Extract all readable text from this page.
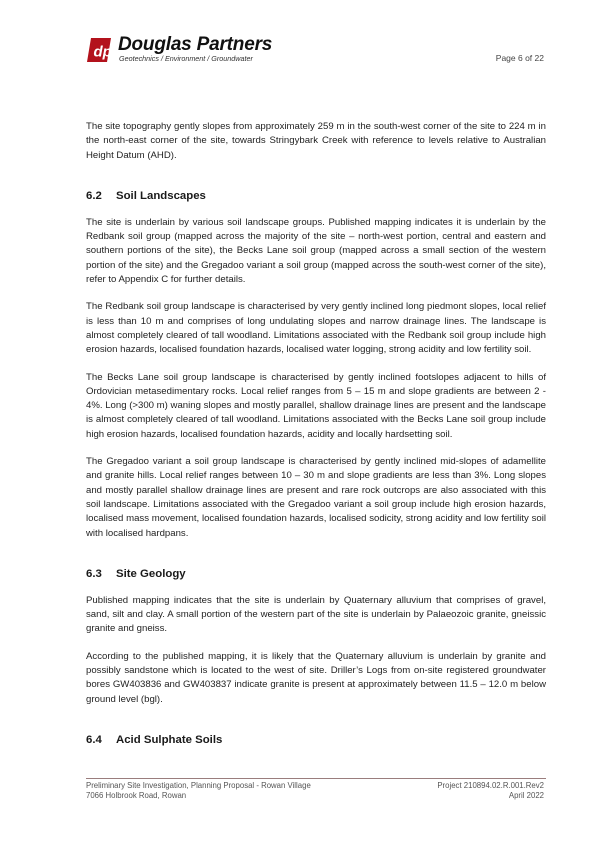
dp Douglas Partners
Geotechnics / Environment / Groundwater	Page 6 of 22

The site topography gently slopes from approximately 259 m in the south-west corner of the site to 224 m in the north-east corner of the site, towards Stringybark Creek with reference to levels relative to Australian Height Datum (AHD).

6.2 Soil Landscapes

The site is underlain by various soil landscape groups. Published mapping indicates it is underlain by the Redbank soil group (mapped across the majority of the site – north-west portion, central and eastern and southern portions of the site), the Becks Lane soil group (mapped across a small section of the western portion of the site) and the Gregadoo variant a soil group (mapped across the south-west corner of the site), refer to Appendix C for further details.

The Redbank soil group landscape is characterised by very gently inclined long piedmont slopes, local relief is less than 10 m and comprises of long undulating slopes and narrow drainage lines. The landscape is almost completely cleared of tall woodland. Limitations associated with the Redbank soil group include high erosion hazards, localised foundation hazards, localised water logging, strong acidity and low fertility soil.

The Becks Lane soil group landscape is characterised by gently inclined footslopes adjacent to hills of Ordovician metasedimentary rocks. Local relief ranges from 5 – 15 m and slope gradients are between 2 - 4%. Long (>300 m) waning slopes and mostly parallel, shallow drainage lines are present and the landscape is almost completely cleared of tall woodland. Limitations associated with the Becks Lane soil group include high erosion hazards, localised foundation hazards, acidity and locally hardsetting soil.

The Gregadoo variant a soil group landscape is characterised by gently inclined mid-slopes of adamellite and granite hills. Local relief ranges between 10 – 30 m and slope gradients are less than 3%. Long slopes and mostly parallel shallow drainage lines are present and rare rock outcrops are also associated with this soil landscape. Limitations associated with the Gregadoo variant a soil group include high erosion hazards, localised mass movement, localised foundation hazards, localised sodicity, strong acidity and low fertility soil with localised hardpans.

6.3 Site Geology

Published mapping indicates that the site is underlain by Quaternary alluvium that comprises of gravel, sand, silt and clay. A small portion of the western part of the site is underlain by Palaeozoic granite, gneissic granite and gneiss.

According to the published mapping, it is likely that the Quaternary alluvium is underlain by granite and possibly sandstone which is located to the west of site. Driller’s Logs from on-site registered groundwater bores GW403836 and GW403837 indicate granite is present at approximately between 11.5 – 12.0 m below ground level (bgl).

6.4 Acid Sulphate Soils
Preliminary Site Investigation, Planning Proposal - Rowan Village
7066 Holbrook Road, Rowan
Project 210894.02.R.001.Rev2
April 2022
